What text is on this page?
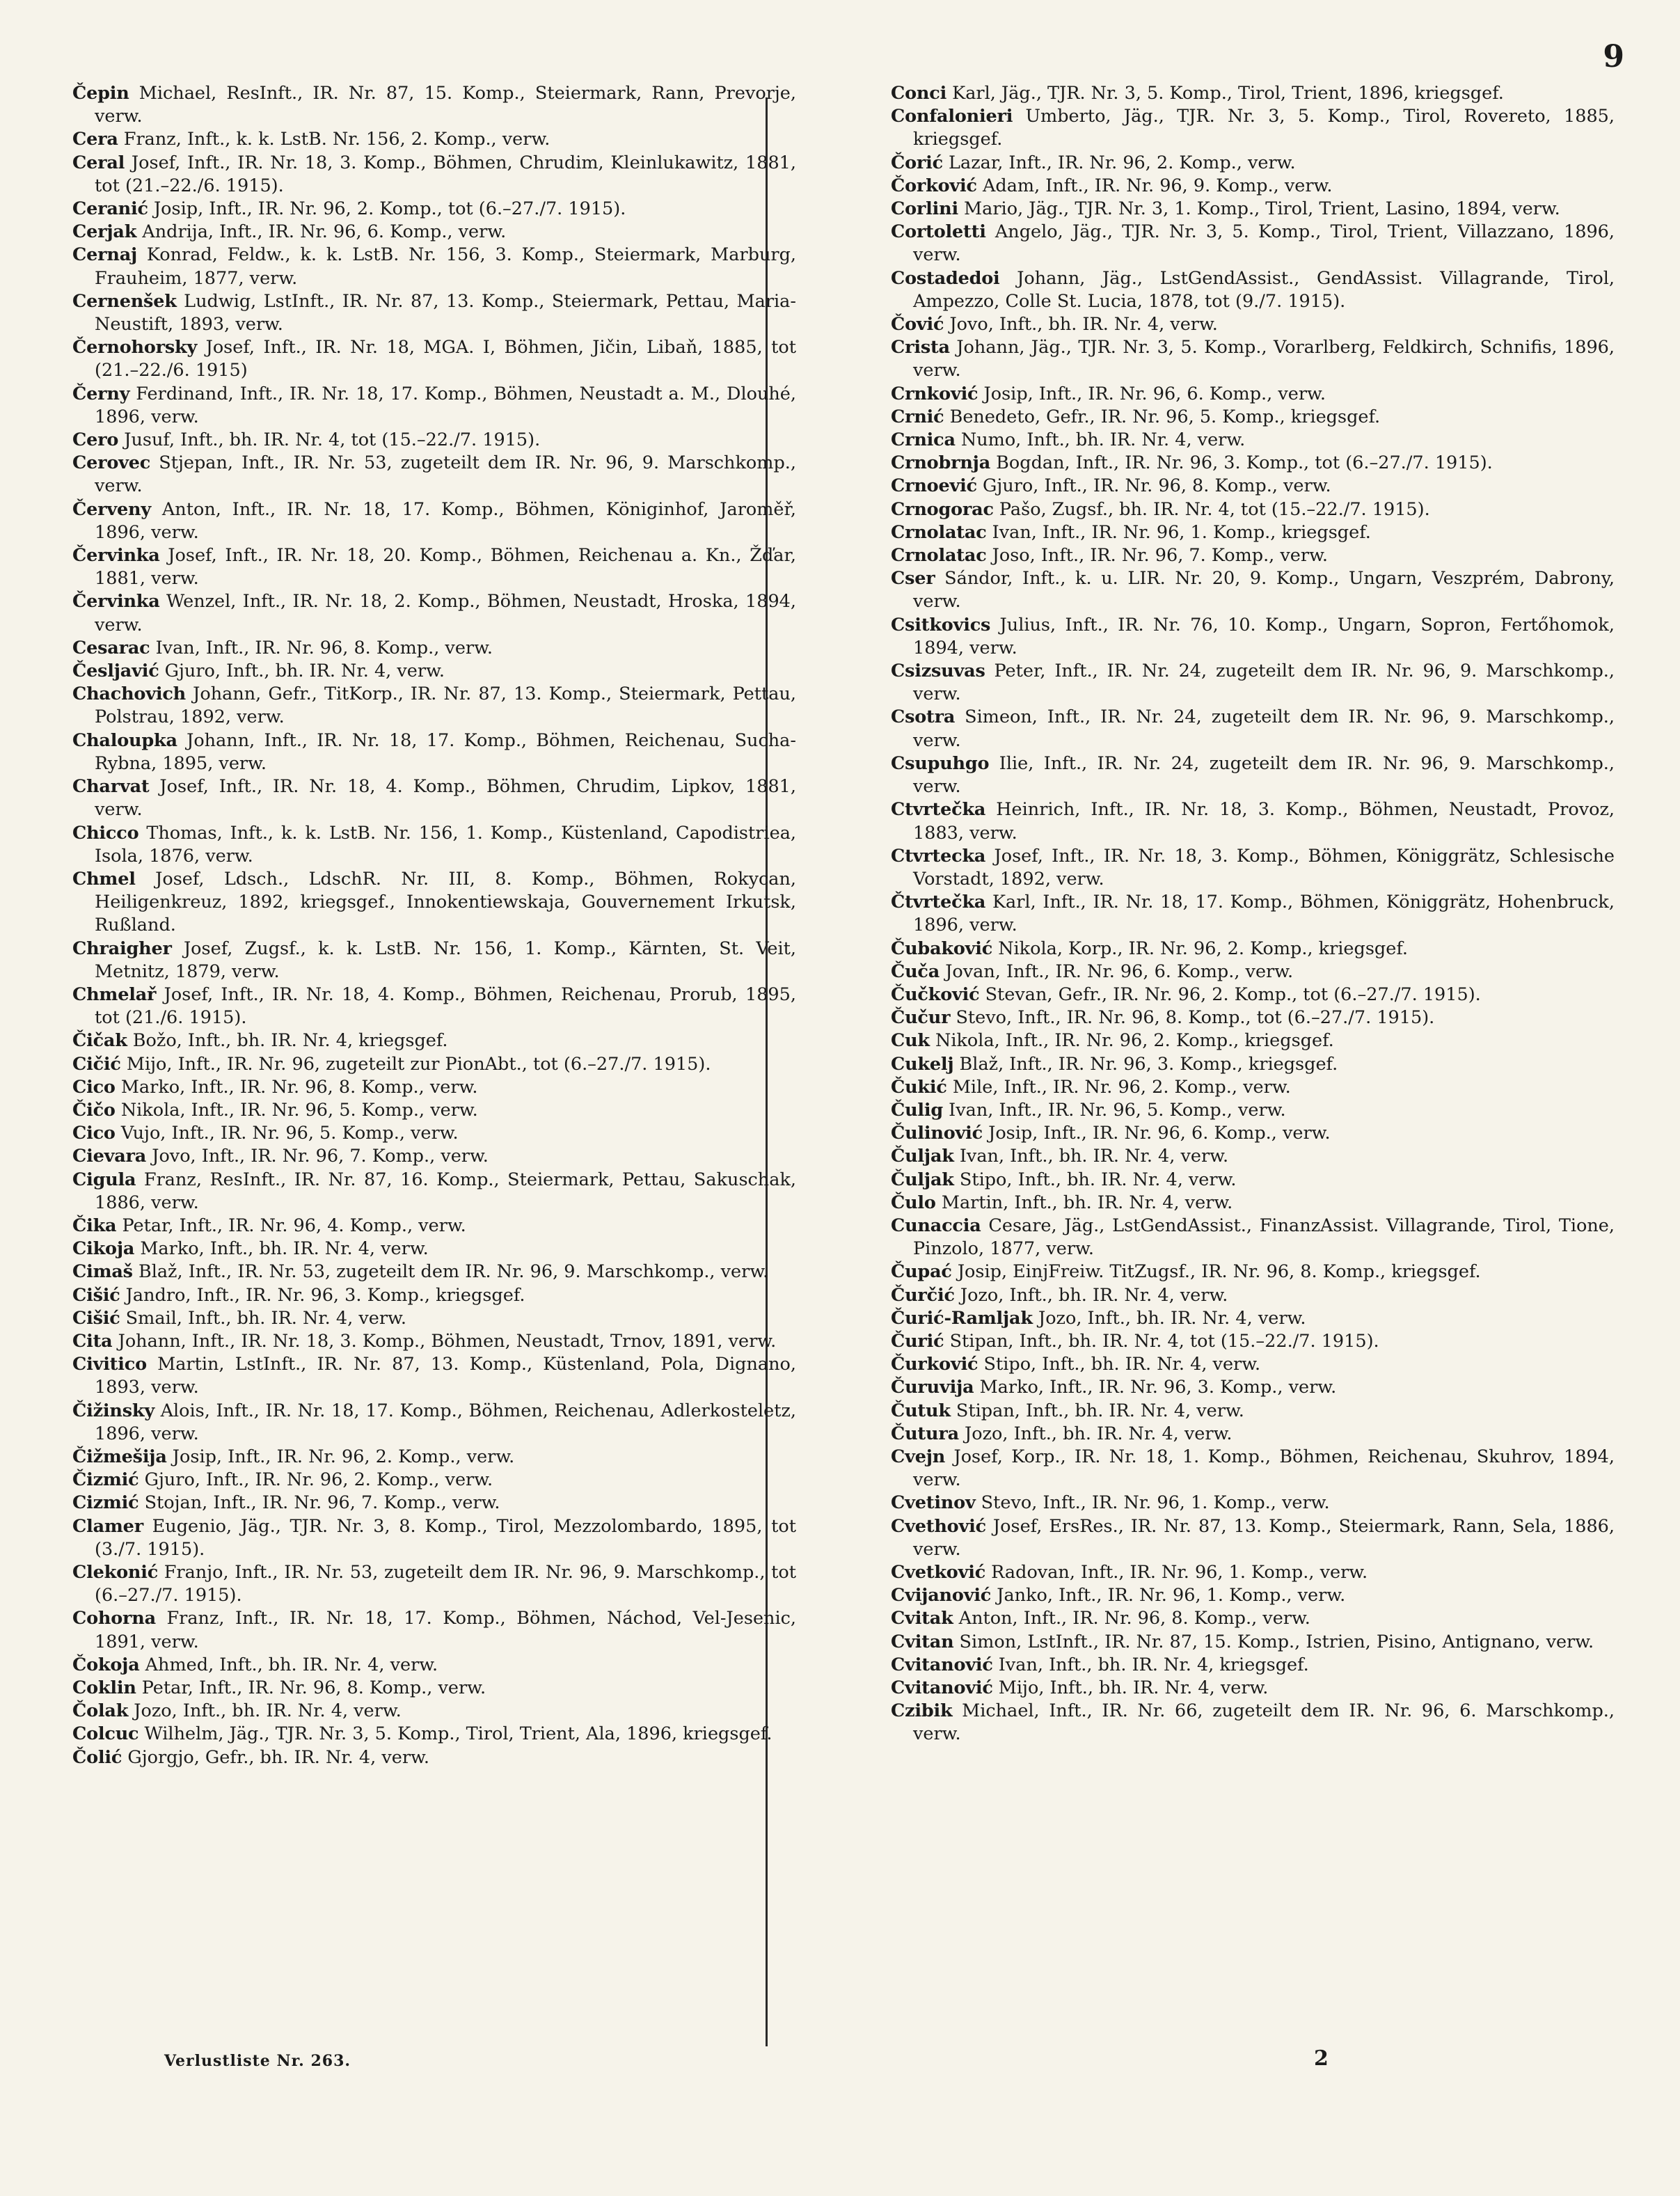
9
Čepin Michael, ResInft., IR. Nr. 87, 15. Komp., Steiermark, Rann, Prevorje, verw.
Cera Franz, Inft., k. k. LstB. Nr. 156, 2. Komp., verw.
Ceral Josef, Inft., IR. Nr. 18, 3. Komp., Böhmen, Chrudim, Kleinlukawitz, 1881, tot (21.–22./6. 1915).
Ceranić Josip, Inft., IR. Nr. 96, 2. Komp., tot (6.–27./7. 1915).
Cerjak Andrija, Inft., IR. Nr. 96, 6. Komp., verw.
Cernaj Konrad, Feldw., k. k. LstB. Nr. 156, 3. Komp., Steiermark, Marburg, Frauheim, 1877, verw.
Cernenšek Ludwig, LstInft., IR. Nr. 87, 13. Komp., Steiermark, Pettau, Maria-Neustift, 1893, verw.
Černohorsky Josef, Inft., IR. Nr. 18, MGA. I, Böhmen, Jičin, Libaň, 1885, tot (21.–22./6. 1915)
Černy Ferdinand, Inft., IR. Nr. 18, 17. Komp., Böhmen, Neustadt a. M., Dlouhé, 1896, verw.
Cero Jusuf, Inft., bh. IR. Nr. 4, tot (15.–22./7. 1915).
Cerovec Stjepan, Inft., IR. Nr. 53, zugeteilt dem IR. Nr. 96, 9. Marschkomp., verw.
Červeny Anton, Inft., IR. Nr. 18, 17. Komp., Böhmen, Königinhof, Jaroměř, 1896, verw.
Červinka Josef, Inft., IR. Nr. 18, 20. Komp., Böhmen, Reichenau a. Kn., Žďar, 1881, verw.
Červinka Wenzel, Inft., IR. Nr. 18, 2. Komp., Böhmen, Neustadt, Hroska, 1894, verw.
Cesarac Ivan, Inft., IR. Nr. 96, 8. Komp., verw.
Česljavić Gjuro, Inft., bh. IR. Nr. 4, verw.
Chachovich Johann, Gefr., TitKorp., IR. Nr. 87, 13. Komp., Steiermark, Pettau, Polstrau, 1892, verw.
Chaloupka Johann, Inft., IR. Nr. 18, 17. Komp., Böhmen, Reichenau, Sucha-Rybna, 1895, verw.
Charvat Josef, Inft., IR. Nr. 18, 4. Komp., Böhmen, Chrudim, Lipkov, 1881, verw.
Chicco Thomas, Inft., k. k. LstB. Nr. 156, 1. Komp., Küstenland, Capodistriea, Isola, 1876, verw.
Chmel Josef, Ldsch., LdschR. Nr. III, 8. Komp., Böhmen, Rokycan, Heiligenkreuz, 1892, kriegsgef., Innokentiewskaja, Gouvernement Irkutsk, Rußland.
Chraigher Josef, Zugsf., k. k. LstB. Nr. 156, 1. Komp., Kärnten, St. Veit, Metnitz, 1879, verw.
Chmelař Josef, Inft., IR. Nr. 18, 4. Komp., Böhmen, Reichenau, Prorub, 1895, tot (21./6. 1915).
Čičak Božo, Inft., bh. IR. Nr. 4, kriegsgef.
Cičić Mijo, Inft., IR. Nr. 96, zugeteilt zur PionAbt., tot (6.–27./7. 1915).
Cico Marko, Inft., IR. Nr. 96, 8. Komp., verw.
Čičo Nikola, Inft., IR. Nr. 96, 5. Komp., verw.
Cico Vujo, Inft., IR. Nr. 96, 5. Komp., verw.
Cievara Jovo, Inft., IR. Nr. 96, 7. Komp., verw.
Cigula Franz, ResInft., IR. Nr. 87, 16. Komp., Steiermark, Pettau, Sakuschak, 1886, verw.
Čika Petar, Inft., IR. Nr. 96, 4. Komp., verw.
Cikoja Marko, Inft., bh. IR. Nr. 4, verw.
Cimaš Blaž, Inft., IR. Nr. 53, zugeteilt dem IR. Nr. 96, 9. Marschkomp., verw.
Cišić Jandro, Inft., IR. Nr. 96, 3. Komp., kriegsgef.
Cišić Smail, Inft., bh. IR. Nr. 4, verw.
Cita Johann, Inft., IR. Nr. 18, 3. Komp., Böhmen, Neustadt, Trnov, 1891, verw.
Civitico Martin, LstInft., IR. Nr. 87, 13. Komp., Küstenland, Pola, Dignano, 1893, verw.
Čižinsky Alois, Inft., IR. Nr. 18, 17. Komp., Böhmen, Reichenau, Adlerkosteletz, 1896, verw.
Čižmešija Josip, Inft., IR. Nr. 96, 2. Komp., verw.
Čizmić Gjuro, Inft., IR. Nr. 96, 2. Komp., verw.
Cizmić Stojan, Inft., IR. Nr. 96, 7. Komp., verw.
Clamer Eugenio, Jäg., TJR. Nr. 3, 8. Komp., Tirol, Mezzolombardo, 1895, tot (3./7. 1915).
Clekonić Franjo, Inft., IR. Nr. 53, zugeteilt dem IR. Nr. 96, 9. Marschkomp., tot (6.–27./7. 1915).
Cohorna Franz, Inft., IR. Nr. 18, 17. Komp., Böhmen, Náchod, Vel-Jesenic, 1891, verw.
Čokoja Ahmed, Inft., bh. IR. Nr. 4, verw.
Coklin Petar, Inft., IR. Nr. 96, 8. Komp., verw.
Čolak Jozo, Inft., bh. IR. Nr. 4, verw.
Colcuc Wilhelm, Jäg., TJR. Nr. 3, 5. Komp., Tirol, Trient, Ala, 1896, kriegsgef.
Čolić Gjorgjo, Gefr., bh. IR. Nr. 4, verw.
Conci Karl, Jäg., TJR. Nr. 3, 5. Komp., Tirol, Trient, 1896, kriegsgef.
Confalonieri Umberto, Jäg., TJR. Nr. 3, 5. Komp., Tirol, Rovereto, 1885, kriegsgef.
Čorić Lazar, Inft., IR. Nr. 96, 2. Komp., verw.
Čorković Adam, Inft., IR. Nr. 96, 9. Komp., verw.
Corlini Mario, Jäg., TJR. Nr. 3, 1. Komp., Tirol, Trient, Lasino, 1894, verw.
Cortoletti Angelo, Jäg., TJR. Nr. 3, 5. Komp., Tirol, Trient, Villazzano, 1896, verw.
Costadedoi Johann, Jäg., LstGendAssist., GendAssist. Villagrande, Tirol, Ampezzo, Colle St. Lucia, 1878, tot (9./7. 1915).
Čović Jovo, Inft., bh. IR. Nr. 4, verw.
Crista Johann, Jäg., TJR. Nr. 3, 5. Komp., Vorarlberg, Feldkirch, Schnifis, 1896, verw.
Crnković Josip, Inft., IR. Nr. 96, 6. Komp., verw.
Crnić Benedeto, Gefr., IR. Nr. 96, 5. Komp., kriegsgef.
Crnica Numo, Inft., bh. IR. Nr. 4, verw.
Crnobrnja Bogdan, Inft., IR. Nr. 96, 3. Komp., tot (6.–27./7. 1915).
Crnoević Gjuro, Inft., IR. Nr. 96, 8. Komp., verw.
Crnogorac Pašo, Zugsf., bh. IR. Nr. 4, tot (15.–22./7. 1915).
Crnolatac Ivan, Inft., IR. Nr. 96, 1. Komp., kriegsgef.
Crnolatac Joso, Inft., IR. Nr. 96, 7. Komp., verw.
Cser Sándor, Inft., k. u. LIR. Nr. 20, 9. Komp., Ungarn, Veszprém, Dabrony, verw.
Csitkovics Julius, Inft., IR. Nr. 76, 10. Komp., Ungarn, Sopron, Fertőhomok, 1894, verw.
Csizsuvas Peter, Inft., IR. Nr. 24, zugeteilt dem IR. Nr. 96, 9. Marschkomp., verw.
Csotra Simeon, Inft., IR. Nr. 24, zugeteilt dem IR. Nr. 96, 9. Marschkomp., verw.
Csupuhgo Ilie, Inft., IR. Nr. 24, zugeteilt dem IR. Nr. 96, 9. Marschkomp., verw.
Ctvrtečka Heinrich, Inft., IR. Nr. 18, 3. Komp., Böhmen, Neustadt, Provoz, 1883, verw.
Ctvrtecka Josef, Inft., IR. Nr. 18, 3. Komp., Böhmen, Königgrätz, Schlesische Vorstadt, 1892, verw.
Čtvrtečka Karl, Inft., IR. Nr. 18, 17. Komp., Böhmen, Königgrätz, Hohenbruck, 1896, verw.
Čubaković Nikola, Korp., IR. Nr. 96, 2. Komp., kriegsgef.
Čuča Jovan, Inft., IR. Nr. 96, 6. Komp., verw.
Čučković Stevan, Gefr., IR. Nr. 96, 2. Komp., tot (6.–27./7. 1915).
Čučur Stevo, Inft., IR. Nr. 96, 8. Komp., tot (6.–27./7. 1915).
Cuk Nikola, Inft., IR. Nr. 96, 2. Komp., kriegsgef.
Cukelj Blaž, Inft., IR. Nr. 96, 3. Komp., kriegsgef.
Čukić Mile, Inft., IR. Nr. 96, 2. Komp., verw.
Čulig Ivan, Inft., IR. Nr. 96, 5. Komp., verw.
Čulinović Josip, Inft., IR. Nr. 96, 6. Komp., verw.
Čuljak Ivan, Inft., bh. IR. Nr. 4, verw.
Čuljak Stipo, Inft., bh. IR. Nr. 4, verw.
Čulo Martin, Inft., bh. IR. Nr. 4, verw.
Cunaccia Cesare, Jäg., LstGendAssist., FinanzAssist. Villagrande, Tirol, Tione, Pinzolo, 1877, verw.
Čupać Josip, EinjFreiw. TitZugsf., IR. Nr. 96, 8. Komp., kriegsgef.
Čurčić Jozo, Inft., bh. IR. Nr. 4, verw.
Čurić-Ramljak Jozo, Inft., bh. IR. Nr. 4, verw.
Čurić Stipan, Inft., bh. IR. Nr. 4, tot (15.–22./7. 1915).
Čurković Stipo, Inft., bh. IR. Nr. 4, verw.
Čuruvija Marko, Inft., IR. Nr. 96, 3. Komp., verw.
Čutuk Stipan, Inft., bh. IR. Nr. 4, verw.
Čutura Jozo, Inft., bh. IR. Nr. 4, verw.
Cvejn Josef, Korp., IR. Nr. 18, 1. Komp., Böhmen, Reichenau, Skuhrov, 1894, verw.
Cvetinov Stevo, Inft., IR. Nr. 96, 1. Komp., verw.
Cvethović Josef, ErsRes., IR. Nr. 87, 13. Komp., Steiermark, Rann, Sela, 1886, verw.
Cvetković Radovan, Inft., IR. Nr. 96, 1. Komp., verw.
Cvijanović Janko, Inft., IR. Nr. 96, 1. Komp., verw.
Cvitak Anton, Inft., IR. Nr. 96, 8. Komp., verw.
Cvitan Simon, LstInft., IR. Nr. 87, 15. Komp., Istrien, Pisino, Antignano, verw.
Cvitanović Ivan, Inft., bh. IR. Nr. 4, kriegsgef.
Cvitanović Mijo, Inft., bh. IR. Nr. 4, verw.
Czibik Michael, Inft., IR. Nr. 66, zugeteilt dem IR. Nr. 96, 6. Marschkomp., verw.
Verlustliste Nr. 263.	2
